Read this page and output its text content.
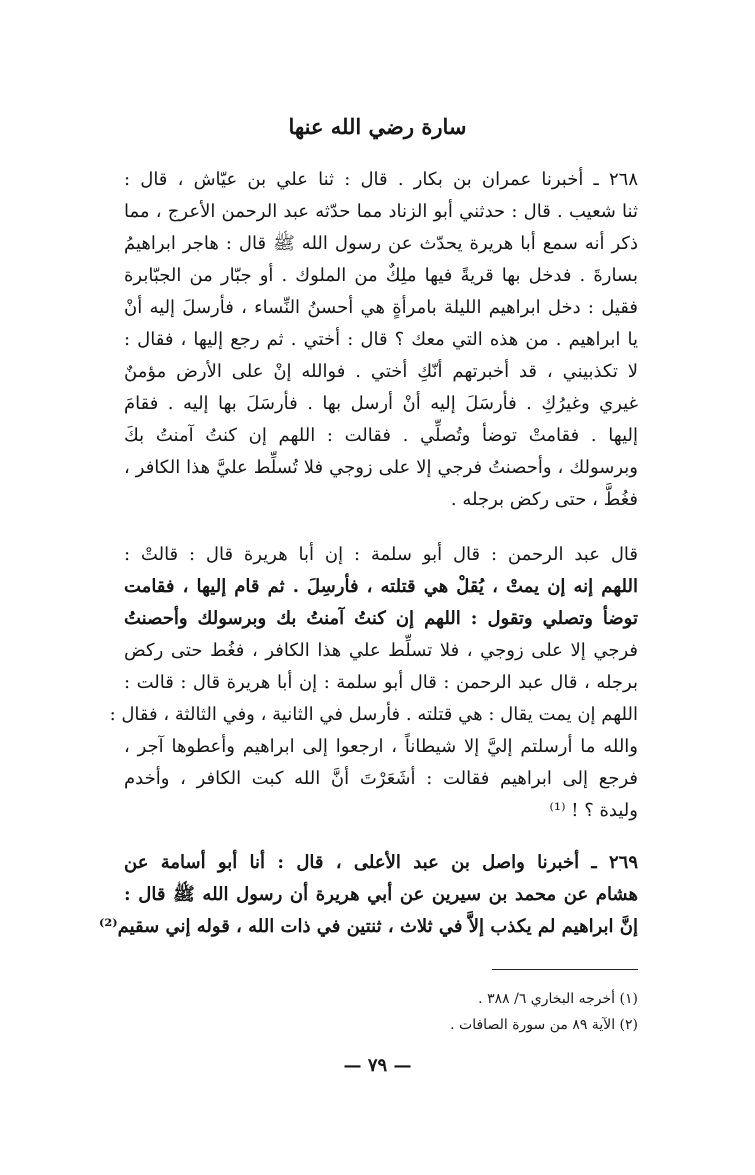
سارة رضي الله عنها
٢٦٨ ـ أخبرنا عمران بن بكار . قال : ثنا علي بن عيّاش ، قال :
ثنا شعيب . قال : حدثني أبو الزناد مما حدّثه عبد الرحمن الأعرج ، مما
ذكر أنه سمع أبا هريرة يحدّث عن رسول الله ﷺ قال : هاجر ابراهيمُ
بسارةَ . فدخل بها قريةً فيها ملِكٌ من الملوك . أو جبّار من الجبّابرة
فقيل : دخل ابراهيم الليلة بامرأةٍ هي أحسنُ النِّساء ، فأرسلَ إليه أنْ
يا ابراهيم . من هذه التي معك ؟ قال : أختي . ثم رجع إليها ، فقال :
لا تكذبيني ، قد أخبرتهم أنّكِ أختي . فوالله إنْ على الأرض مؤمنٌ
غيري وغيرُكِ . فأرسَلَ إليه أنْ أرسل بها . فأرسَلَ بها إليه . فقامَ
إليها . فقامتْ توضأ وتُصلِّي . فقالت : اللهم إن كنتُ آمنتُ بكَ
وبرسولك ، وأحصنتُ فرجي إلا على زوجي فلا تُسلِّط عليَّ هذا الكافر ،
فغُطَّ ، حتى ركض برجله .
قال عبد الرحمن : قال أبو سلمة : إن أبا هريرة قال : قالتْ :
اللهم إنه إن يمتْ ، يُقلْ هي قتلته ، فأرسِلَ . ثم قام إليها ، فقامت
توضأ وتصلي وتقول : اللهم إن كنتُ آمنتُ بك وبرسولك وأحصنتُ
فرجي إلا على زوجي ، فلا تسلِّط علي هذا الكافر ، فغُط حتى ركض
برجله ، قال عبد الرحمن : قال أبو سلمة : إن أبا هريرة قال : قالت :
اللهم إن يمت يقال : هي قتلته . فأرسل في الثانية ، وفي الثالثة ، فقال :
والله ما أرسلتم إليَّ إلا شيطاناً ، ارجعوا إلى ابراهيم وأعطوها آجر ،
فرجع إلى ابراهيم فقالت : أشَعَرْتَ أنَّ الله كبت الكافر ، وأخدم
وليدة ؟ ! ⁽¹⁾
٢٦٩ ـ أخبرنا واصل بن عبد الأعلى ، قال : أنا أبو أسامة عن
هشام عن محمد بن سيرين عن أبي هريرة أن رسول الله ﷺ قال :
إنَّ ابراهيم لم يكذب إلاَّ في ثلاث ، ثنتين في ذات الله ، قوله إني سقيم⁽²⁾
(١) أخرجه البخاري ٦/ ٣٨٨ .
(٢) الآية ٨٩ من سورة الصافات .
— ٧٩ —
